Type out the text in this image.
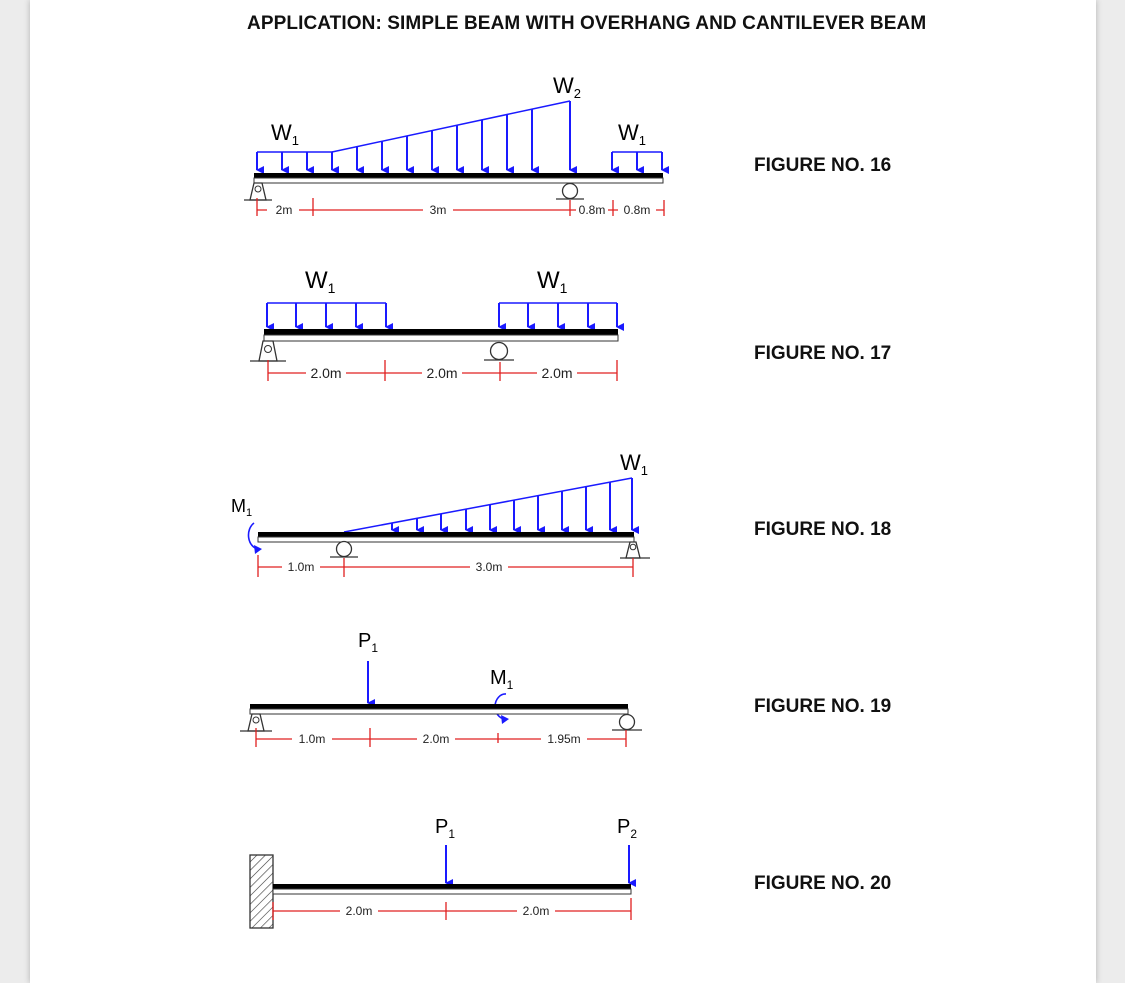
APPLICATION: SIMPLE BEAM WITH OVERHANG AND CANTILEVER BEAM
FIGURE NO. 16
FIGURE NO. 17
FIGURE NO. 18
FIGURE NO. 19
FIGURE NO. 20
$W_1$
$W_2$
$W_1$
2m	3m	0.8m 0.8m
$W_1$	$W_1$
2.0m	2.0m	2.0m
$M_1$
$W_1$
1.0m	3.0m
$P_1$
$M_1$
1.0m	2.0m	1.95m
$P_1$	$P_2$
2.0m	2.0m
